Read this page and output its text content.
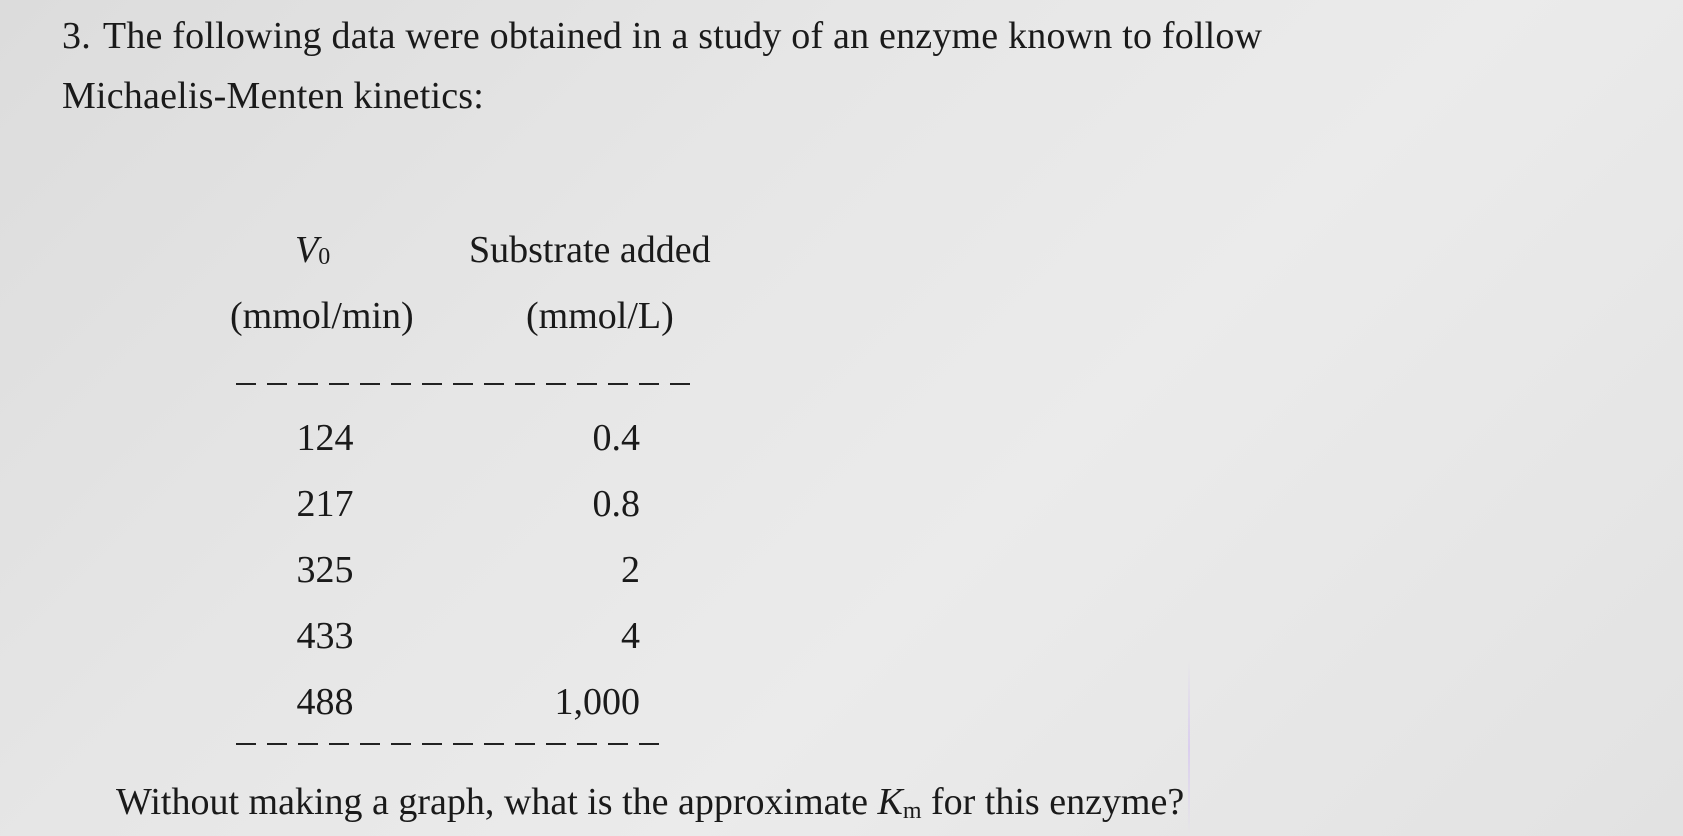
3. The following data were obtained in a study of an enzyme known to follow
Michaelis-Menten kinetics:
V0	Substrate added
(mmol/min)	(mmol/L)
124	0.4
217	0.8
325	2
433	4
488	1,000
Without making a graph, what is the approximate Km for this enzyme?
